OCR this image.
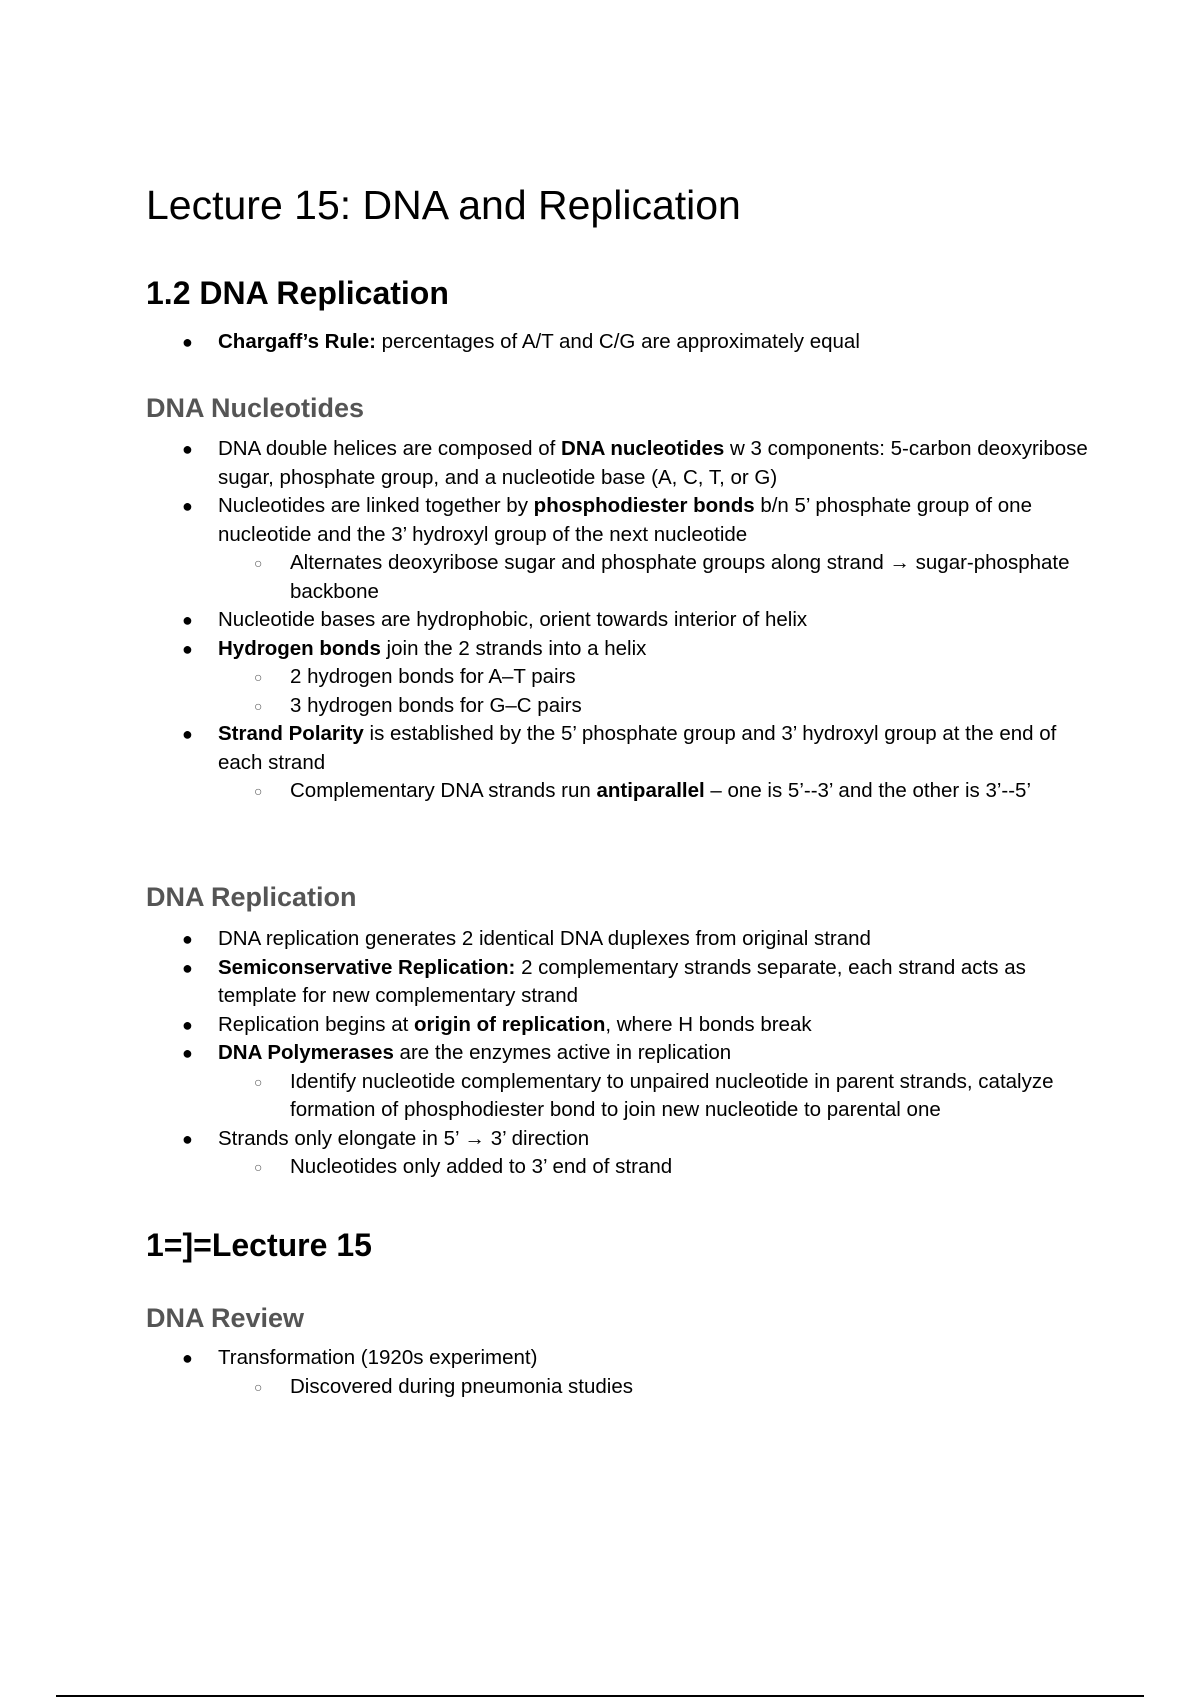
Lecture 15: DNA and Replication
1.2 DNA Replication
● Chargaff’s Rule: percentages of A/T and C/G are approximately equal
DNA Nucleotides
● DNA double helices are composed of DNA nucleotides w 3 components: 5-carbon deoxyribose sugar, phosphate group, and a nucleotide base (A, C, T, or G)
● Nucleotides are linked together by phosphodiester bonds b/n 5’ phosphate group of one nucleotide and the 3’ hydroxyl group of the next nucleotide
○ Alternates deoxyribose sugar and phosphate groups along strand → sugar-phosphate backbone
● Nucleotide bases are hydrophobic, orient towards interior of helix
● Hydrogen bonds join the 2 strands into a helix
○ 2 hydrogen bonds for A–T pairs
○ 3 hydrogen bonds for G–C pairs
● Strand Polarity is established by the 5’ phosphate group and 3’ hydroxyl group at the end of each strand
○ Complementary DNA strands run antiparallel – one is 5’--3’ and the other is 3’--5’
DNA Replication
● DNA replication generates 2 identical DNA duplexes from original strand
● Semiconservative Replication: 2 complementary strands separate, each strand acts as template for new complementary strand
● Replication begins at origin of replication, where H bonds break
● DNA Polymerases are the enzymes active in replication
○ Identify nucleotide complementary to unpaired nucleotide in parent strands, catalyze formation of phosphodiester bond to join new nucleotide to parental one
● Strands only elongate in 5’ → 3’ direction
○ Nucleotides only added to 3’ end of strand
1=]=Lecture 15
DNA Review
● Transformation (1920s experiment)
○ Discovered during pneumonia studies
